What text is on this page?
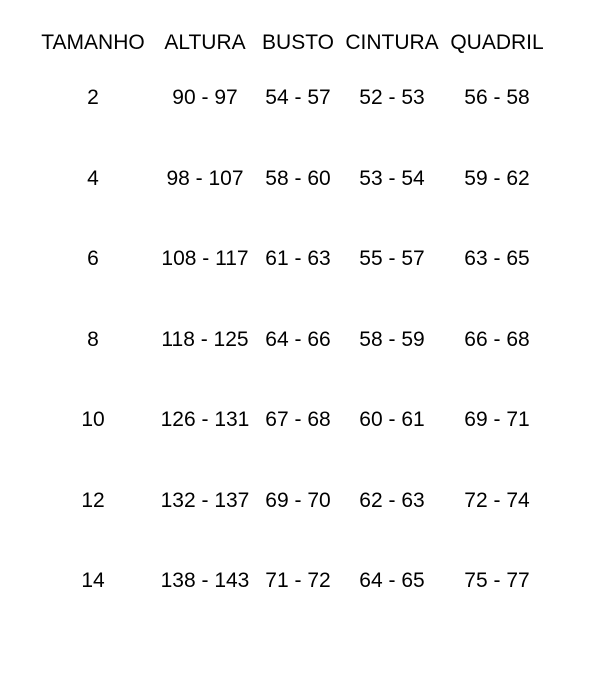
TAMANHO ALTURA BUSTO CINTURA QUADRIL
2	90 - 97 54 - 57 52 - 53 56 - 58
4	98 - 107 58 - 60 53 - 54 59 - 62
6	108 - 117 61 - 63 55 - 57 63 - 65
8	118 - 125 64 - 66 58 - 59 66 - 68
10	126 - 131 67 - 68 60 - 61 69 - 71
12	132 - 137 69 - 70 62 - 63 72 - 74
14	138 - 143 71 - 72 64 - 65 75 - 77
